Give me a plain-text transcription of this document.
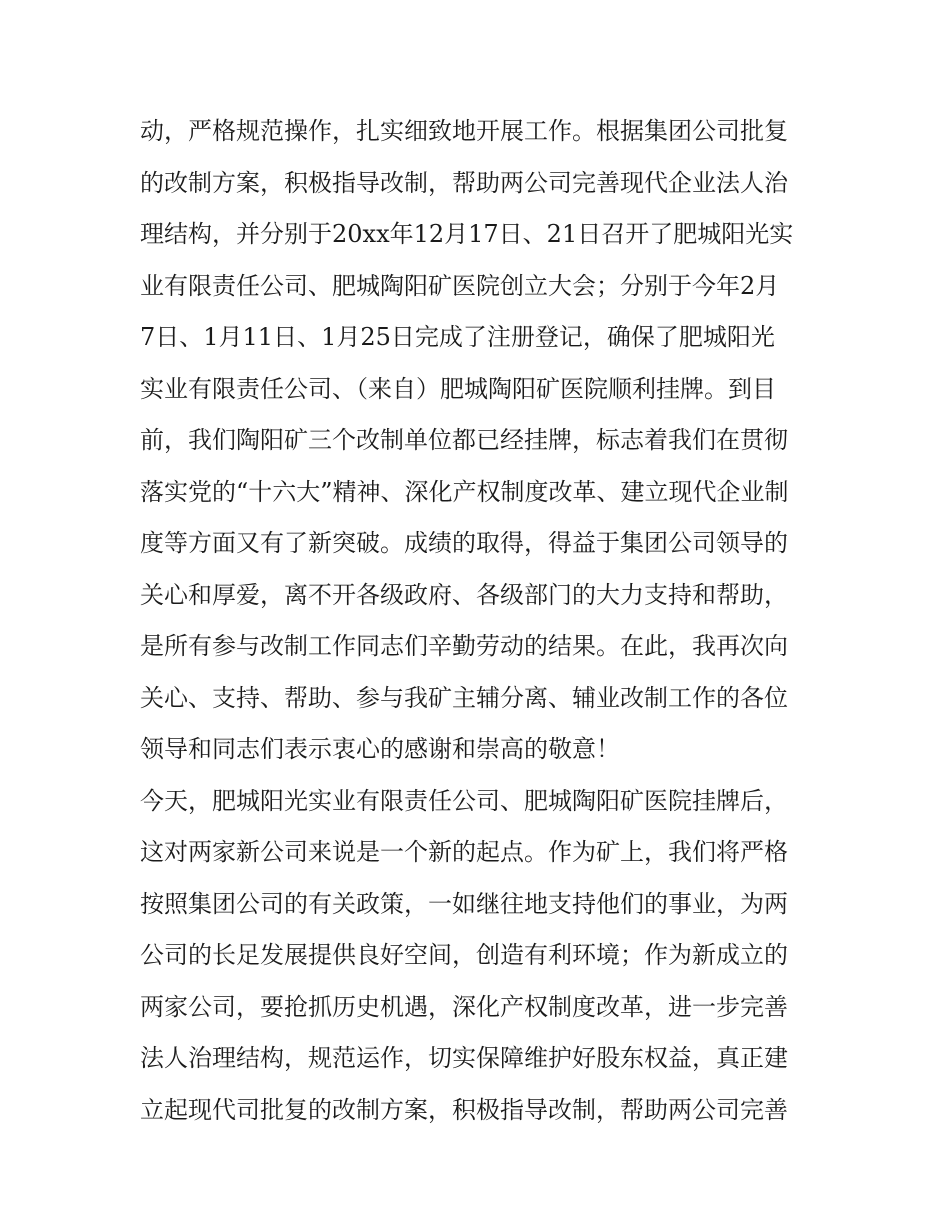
动，严格规范操作，扎实细致地开展工作。根据集团公司批复
的改制方案，积极指导改制，帮助两公司完善现代企业法人治
理结构，并分别于20xx年12月17日、21日召开了肥城阳光实
业有限责任公司、肥城陶阳矿医院创立大会；分别于今年2月
7日、1月11日、1月25日完成了注册登记，确保了肥城阳光
实业有限责任公司、（来自）肥城陶阳矿医院顺利挂牌。到目
前，我们陶阳矿三个改制单位都已经挂牌，标志着我们在贯彻
落实党的“十六大”精神、深化产权制度改革、建立现代企业制
度等方面又有了新突破。成绩的取得，得益于集团公司领导的
关心和厚爱，离不开各级政府、各级部门的大力支持和帮助，
是所有参与改制工作同志们辛勤劳动的结果。在此，我再次向
关心、支持、帮助、参与我矿主辅分离、辅业改制工作的各位
领导和同志们表示衷心的感谢和崇高的敬意！
今天，肥城阳光实业有限责任公司、肥城陶阳矿医院挂牌后，
这对两家新公司来说是一个新的起点。作为矿上，我们将严格
按照集团公司的有关政策，一如继往地支持他们的事业，为两
公司的长足发展提供良好空间，创造有利环境；作为新成立的
两家公司，要抢抓历史机遇，深化产权制度改革，进一步完善
法人治理结构，规范运作，切实保障维护好股东权益，真正建
立起现代司批复的改制方案，积极指导改制，帮助两公司完善
